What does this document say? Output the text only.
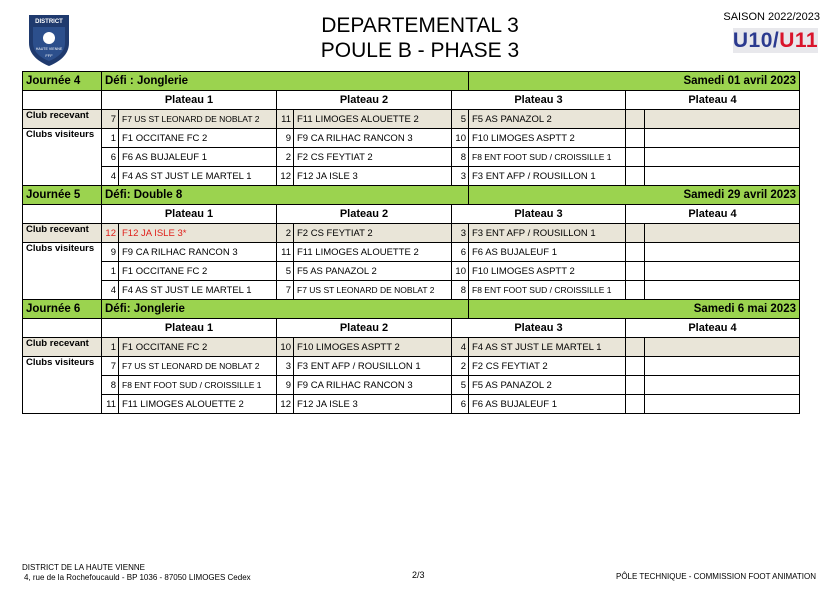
DISTRICT
HAUTE VIENNE
FFF
DEPARTEMENTAL 3
POULE B - PHASE 3
SAISON 2022/2023
U10 / U11
Journée 4	Défi : Jonglerie					Samedi 01 avril 2023		
	Plateau 1		Plateau 2		Plateau 3		Plateau 4	
Club recevant	7	F7 US ST LEONARD DE NOBLAT 2	11	F11 LIMOGES ALOUETTE 2	5	F5 AS PANAZOL 2		
Clubs visiteurs	1	F1 OCCITANE FC 2	9	F9 CA RILHAC RANCON 3	10	F10 LIMOGES ASPTT 2		
	6	F6 AS BUJALEUF 1	2	F2 CS FEYTIAT 2	8	F8 ENT FOOT SUD / CROISSILLE 1		
	4	F4 AS ST JUST LE MARTEL 1	12	F12 JA ISLE 3	3	F3 ENT AFP / ROUSILLON 1		
Journée 5	Défi: Double 8					Samedi 29 avril 2023		
	Plateau 1		Plateau 2		Plateau 3		Plateau 4	
Club recevant	12	F12 JA ISLE 3*	2	F2 CS FEYTIAT 2	3	F3 ENT AFP / ROUSILLON 1		
Clubs visiteurs	9	F9 CA RILHAC RANCON 3	11	F11 LIMOGES ALOUETTE 2	6	F6 AS BUJALEUF 1		
	1	F1 OCCITANE FC 2	5	F5 AS PANAZOL 2	10	F10 LIMOGES ASPTT 2		
	4	F4 AS ST JUST LE MARTEL 1	7	F7 US ST LEONARD DE NOBLAT 2	8	F8 ENT FOOT SUD / CROISSILLE 1		
Journée 6	Défi: Jonglerie					Samedi 6 mai 2023		
	Plateau 1		Plateau 2		Plateau 3		Plateau 4	
Club recevant	1	F1 OCCITANE FC 2	10	F10 LIMOGES ASPTT 2	4	F4 AS ST JUST LE MARTEL 1		
Clubs visiteurs	7	F7 US ST LEONARD DE NOBLAT 2	3	F3 ENT AFP / ROUSILLON 1	2	F2 CS FEYTIAT 2		
	8	F8 ENT FOOT SUD / CROISSILLE 1	9	F9 CA RILHAC RANCON 3	5	F5 AS PANAZOL 2		
	11	F11 LIMOGES ALOUETTE 2	12	F12 JA ISLE 3	6	F6 AS BUJALEUF 1		
DISTRICT DE LA HAUTE VIENNE
4, rue de la Rochefoucauld - BP 1036 - 87050 LIMOGES Cedex	2/3	PÔLE TECHNIQUE - COMMISSION FOOT ANIMATION
